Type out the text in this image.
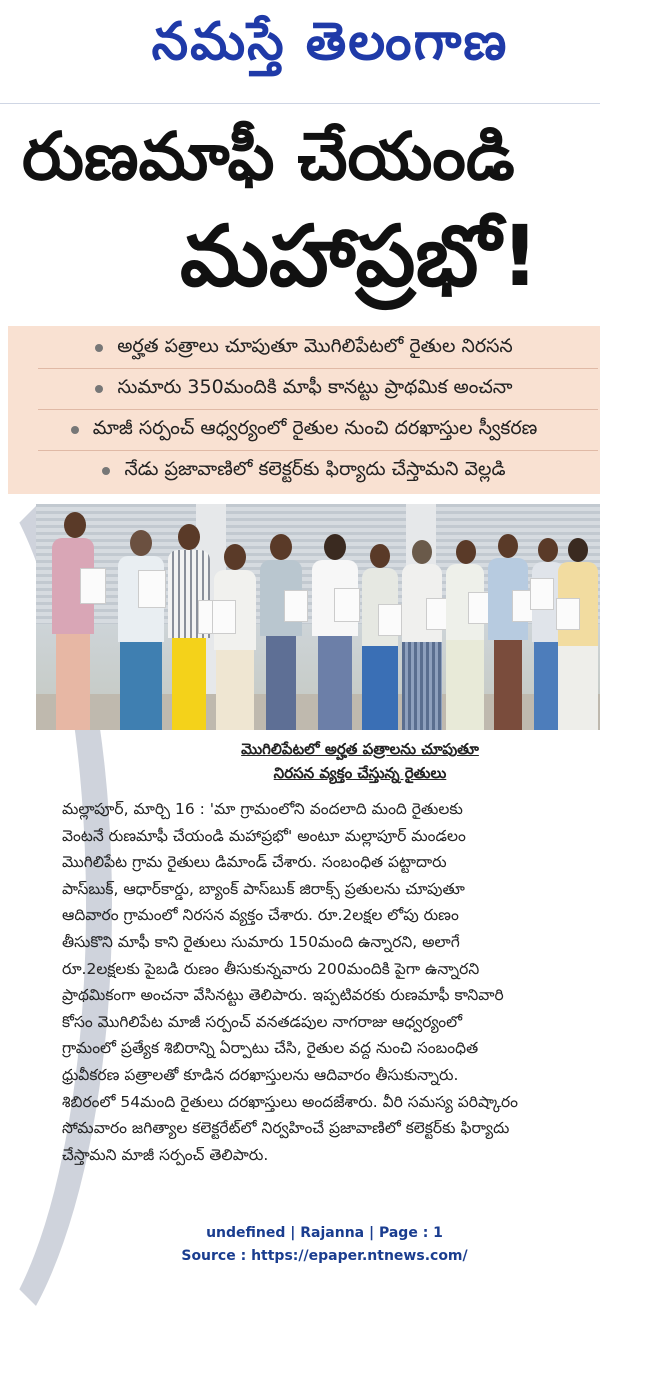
నమస్తే తెలంగాణ
రుణమాఫీ చేయండి
మహాప్రభో!
అర్హత పత్రాలు చూపుతూ మొగిలిపేటలో రైతుల నిరసన
సుమారు 350మందికి మాఫీ కానట్టు ప్రాథమిక అంచనా
మాజీ సర్పంచ్ ఆధ్వర్యంలో రైతుల నుంచి దరఖాస్తుల స్వీకరణ
నేడు ప్రజావాణిలో కలెక్టర్‌కు ఫిర్యాదు చేస్తామని వెల్లడి
మొగిలిపేటలో అర్హత పత్రాలను చూపుతూ
నిరసన వ్యక్తం చేస్తున్న రైతులు
మల్లాపూర్, మార్చి 16 : 'మా గ్రామంలోని వందలాది మంది రైతులకు
వెంటనే రుణమాఫీ చేయండి మహాప్రభో' అంటూ మల్లాపూర్ మండలం
మొగిలిపేట గ్రామ రైతులు డిమాండ్ చేశారు. సంబంధిత పట్టాదారు
పాస్‌బుక్, ఆధార్‌కార్డు, బ్యాంక్ పాస్‌బుక్ జిరాక్స్ ప్రతులను చూపుతూ
ఆదివారం గ్రామంలో నిరసన వ్యక్తం చేశారు. రూ.2లక్షల లోపు రుణం
తీసుకొని మాఫీ కాని రైతులు సుమారు 150మంది ఉన్నారని, అలాగే
రూ.2లక్షలకు పైబడి రుణం తీసుకున్నవారు 200మందికి పైగా ఉన్నారని
ప్రాథమికంగా అంచనా వేసినట్టు తెలిపారు. ఇప్పటివరకు రుణమాఫీ కానివారి
కోసం మొగిలిపేట మాజీ సర్పంచ్ వనతడపుల నాగరాజు ఆధ్వర్యంలో
గ్రామంలో ప్రత్యేక శిబిరాన్ని ఏర్పాటు చేసి, రైతుల వద్ద నుంచి సంబంధిత
ధ్రువీకరణ పత్రాలతో కూడిన దరఖాస్తులను ఆదివారం తీసుకున్నారు.
శిబిరంలో 54మంది రైతులు దరఖాస్తులు అందజేశారు. వీరి సమస్య పరిష్కారం
సోమవారం జగిత్యాల కలెక్టరేట్‌లో నిర్వహించే ప్రజావాణిలో కలెక్టర్‌కు ఫిర్యాదు
చేస్తామని మాజీ సర్పంచ్ తెలిపారు.
undefined | Rajanna | Page : 1
Source : https://epaper.ntnews.com/
